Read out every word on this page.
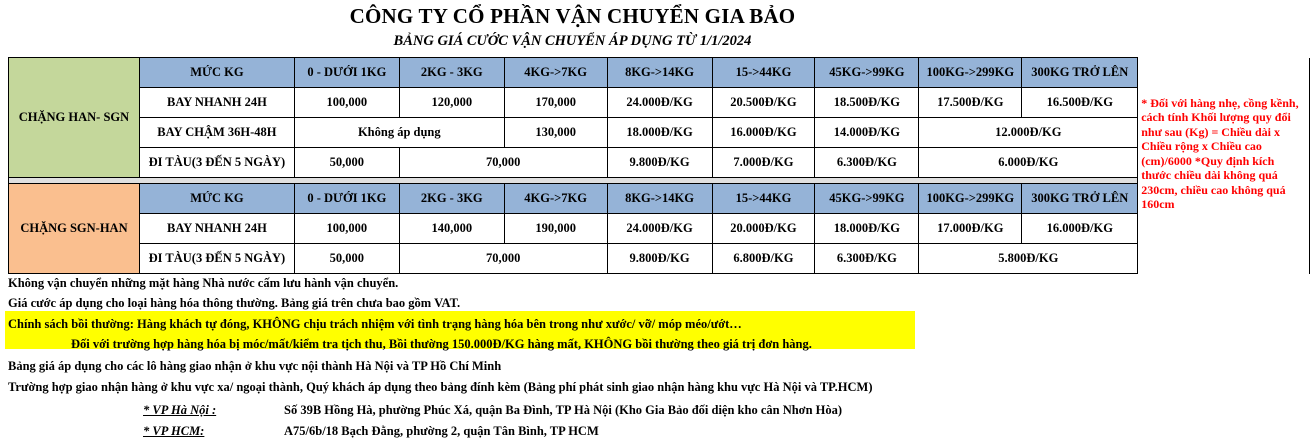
CÔNG TY CỔ PHẦN VẬN CHUYỂN GIA BẢO
BẢNG GIÁ CƯỚC VẬN CHUYỂN ÁP DỤNG TỪ 1/1/2024
CHẶNG HAN- SGN	MỨC KG	0 - DƯỚI 1KG	2KG - 3KG	4KG->7KG	8KG->14KG	15->44KG	45KG->99KG	100KG->299KG	300KG TRỞ LÊN	* Đối với hàng nhẹ, cồng kềnh, cách tính Khối lượng quy đổi như sau (Kg) = Chiều dài x Chiều rộng x Chiều cao (cm)/6000 *Quy định kích thước chiều dài không quá 230cm, chiều cao không quá 160cm
	BAY NHANH 24H	100,000	120,000	170,000	24.000Đ/KG	20.500Đ/KG	18.500Đ/KG	17.500Đ/KG	16.500Đ/KG	
	BAY CHẬM 36H-48H	Không áp dụng		130,000	18.000Đ/KG	16.000Đ/KG	14.000Đ/KG	12.000Đ/KG		
	ĐI TÀU(3 ĐẾN 5 NGÀY)	50,000	70,000		9.800Đ/KG	7.000Đ/KG	6.300Đ/KG	6.000Đ/KG		

CHẶNG SGN-HAN	MỨC KG	0 - DƯỚI 1KG	2KG - 3KG	4KG->7KG	8KG->14KG	15->44KG	45KG->99KG	100KG->299KG	300KG TRỞ LÊN	
	BAY NHANH 24H	100,000	140,000	190,000	24.000Đ/KG	20.000Đ/KG	18.000Đ/KG	17.000Đ/KG	16.000Đ/KG	
	ĐI TÀU(3 ĐẾN 5 NGÀY)	50,000	70,000		9.800Đ/KG	6.800Đ/KG	6.300Đ/KG	5.800Đ/KG		
Không vận chuyển những mặt hàng Nhà nước cấm lưu hành vận chuyển.
Giá cước áp dụng cho loại hàng hóa thông thường. Bảng giá trên chưa bao gồm VAT.
Chính sách bồi thường: Hàng khách tự đóng, KHÔNG chịu trách nhiệm với tình trạng hàng hóa bên trong như xước/ vỡ/ móp méo/ướt…
Đối với trường hợp hàng hóa bị móc/mất/kiểm tra tịch thu, Bồi thường 150.000Đ/KG hàng mất, KHÔNG bồi thường theo giá trị đơn hàng.
Bảng giá áp dụng cho các lô hàng giao nhận ở khu vực nội thành Hà Nội và TP Hồ Chí Minh
Trường hợp giao nhận hàng ở khu vực xa/ ngoại thành, Quý khách áp dụng theo bảng đính kèm (Bảng phí phát sinh giao nhận hàng khu vực Hà Nội và TP.HCM)
* VP Hà Nội :	Số 39B Hồng Hà, phường Phúc Xá, quận Ba Đình, TP Hà Nội (Kho Gia Bảo đối diện kho cân Nhơn Hòa)
* VP HCM:	A75/6b/18 Bạch Đằng, phường 2, quận Tân Bình, TP HCM
